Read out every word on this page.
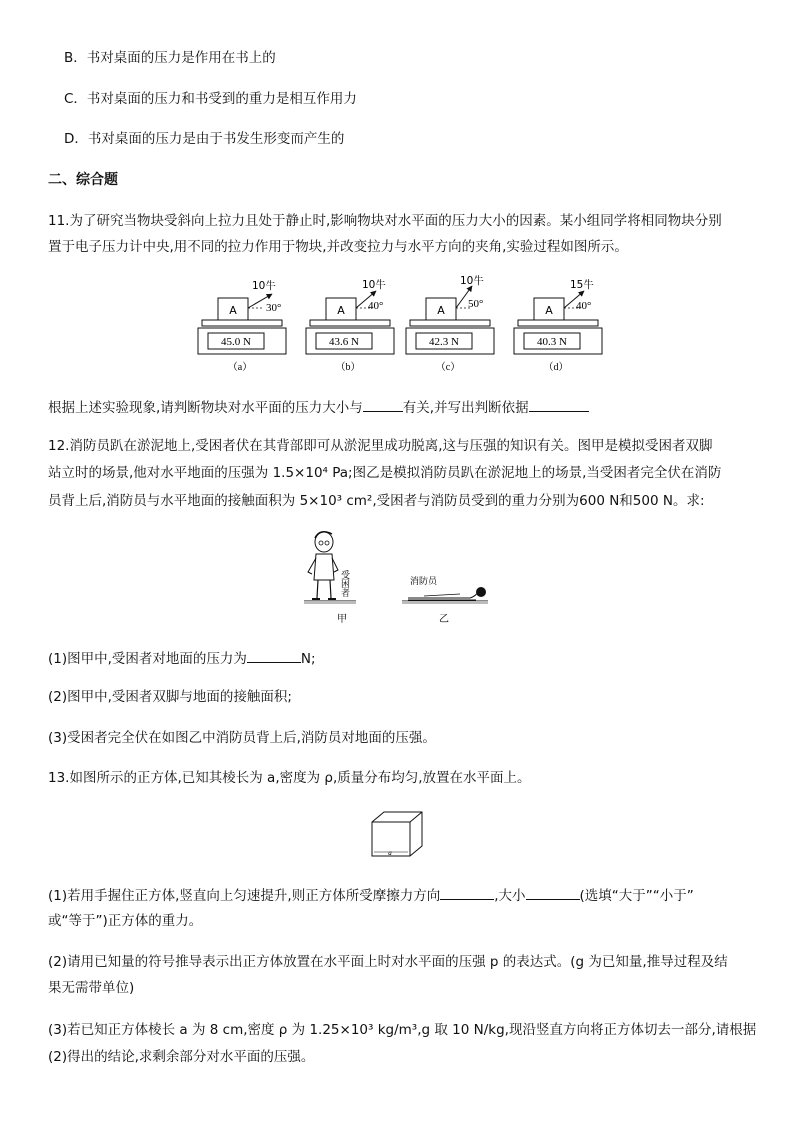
B．书对桌面的压力是作用在书上的
C．书对桌面的压力和书受到的重力是相互作用力
D．书对桌面的压力是由于书发生形变而产生的
二、综合题
11.为了研究当物块受斜向上拉力且处于静止时,影响物块对水平面的压力大小的因素。某小组同学将相同物块分别
置于电子压力计中央,用不同的拉力作用于物块,并改变拉力与水平方向的夹角,实验过程如图所示。
A
10牛
30°
45.0 N
（a）
A
10牛
40°
43.6 N
（b）
A
10牛
50°
42.3 N
（c）
A
15牛
40°
40.3 N
（d）
根据上述实验现象,请判断物块对水平面的压力大小与	有关,并写出判断依据
12.消防员趴在淤泥地上,受困者伏在其背部即可从淤泥里成功脱离,这与压强的知识有关。图甲是模拟受困者双脚
站立时的场景,他对水平地面的压强为 1.5×10⁴ Pa;图乙是模拟消防员趴在淤泥地上的场景,当受困者完全伏在消防
员背上后,消防员与水平地面的接触面积为 5×10³ cm²,受困者与消防员受到的重力分别为600 N和500 N。求:
受困者
甲
消防员
乙
(1)图甲中,受困者对地面的压力为	N;
(2)图甲中,受困者双脚与地面的接触面积;
(3)受困者完全伏在如图乙中消防员背上后,消防员对地面的压强。
13.如图所示的正方体,已知其棱长为 a,密度为 ρ,质量分布均匀,放置在水平面上。
a
(1)若用手握住正方体,竖直向上匀速提升,则正方体所受摩擦力方向	,大小	(选填“大于”“小于”
或“等于”)正方体的重力。
(2)请用已知量的符号推导表示出正方体放置在水平面上时对水平面的压强 p 的表达式。(g 为已知量,推导过程及结
果无需带单位)
(3)若已知正方体棱长 a 为 8 cm,密度 ρ 为 1.25×10³ kg/m³,g 取 10 N/kg,现沿竖直方向将正方体切去一部分,请根据
(2)得出的结论,求剩余部分对水平面的压强。
